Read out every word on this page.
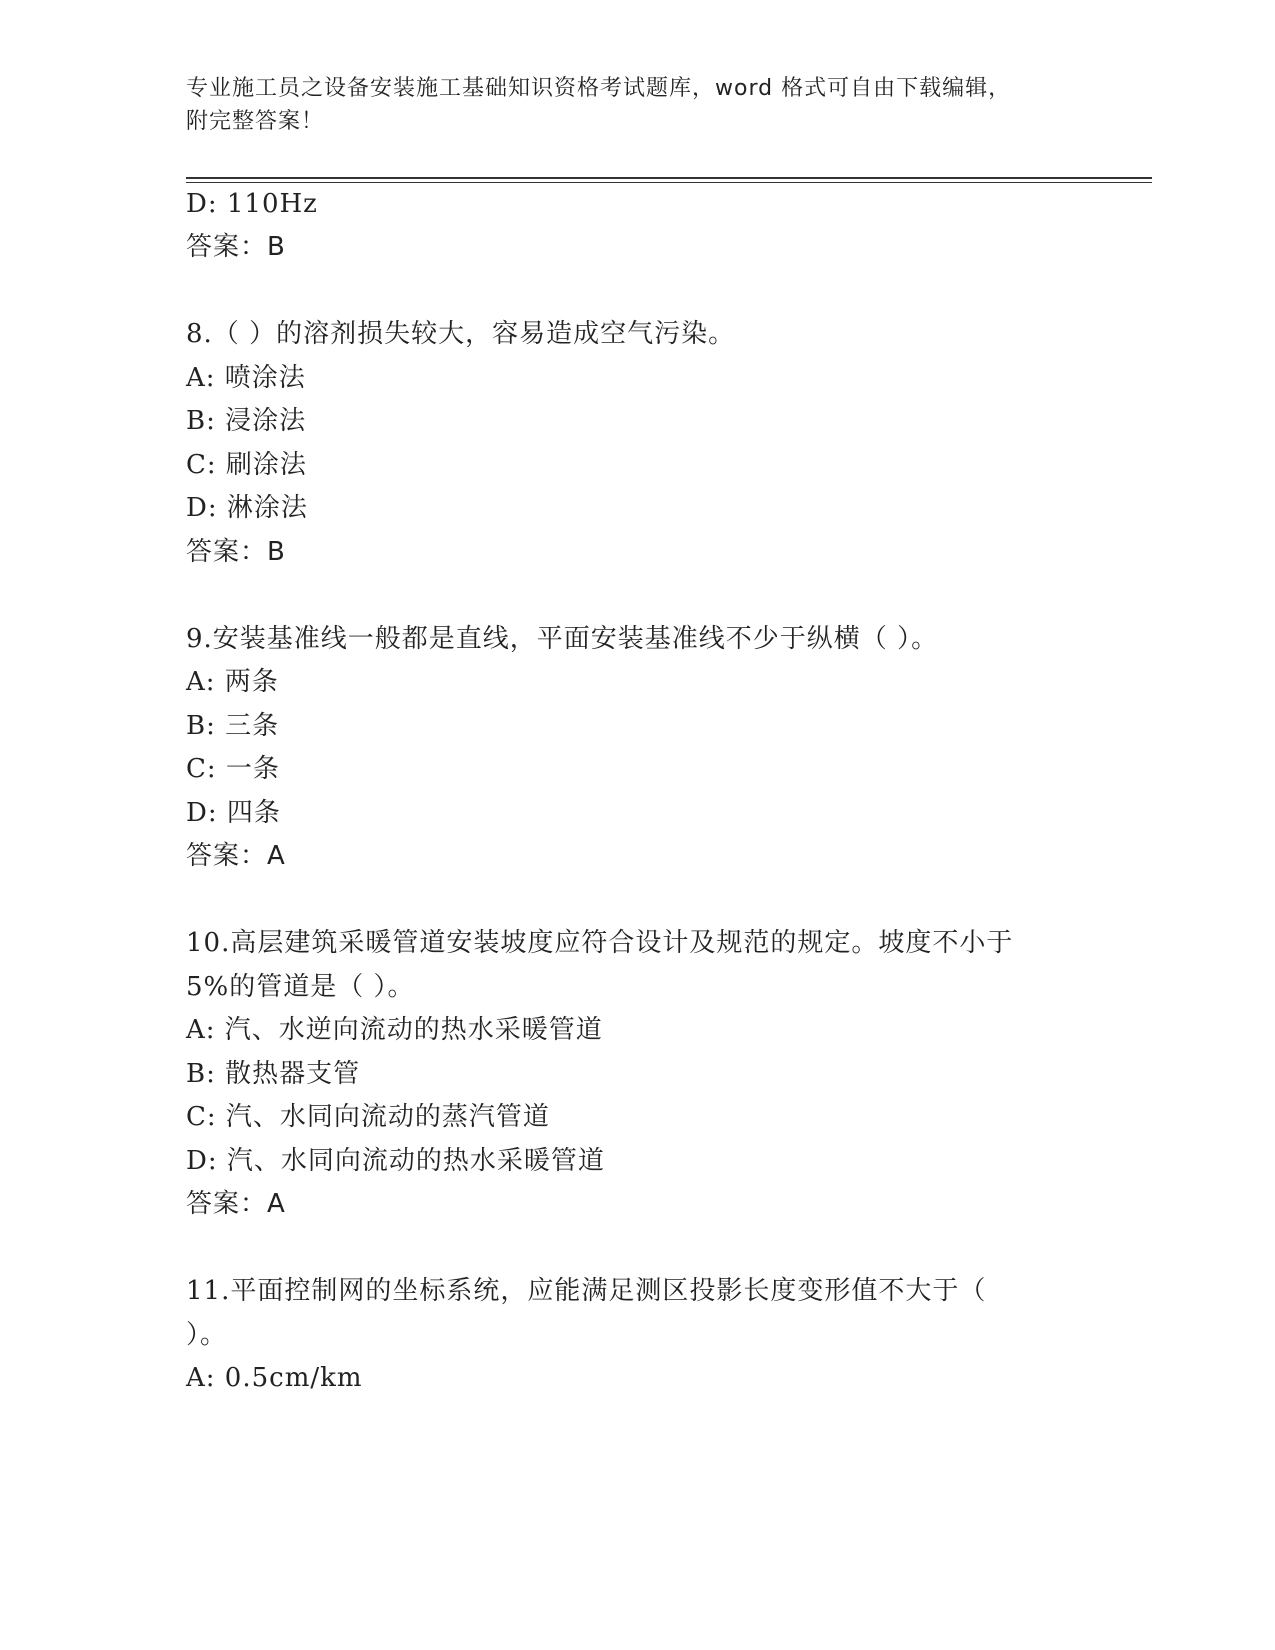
专业施工员之设备安装施工基础知识资格考试题库，word 格式可自由下载编辑，
附完整答案！
D: 110Hz
答案：B
8.（ ）的溶剂损失较大，容易造成空气污染。
A: 喷涂法
B: 浸涂法
C: 刷涂法
D: 淋涂法
答案：B
9.安装基准线一般都是直线，平面安装基准线不少于纵横（ ）。
A: 两条
B: 三条
C: 一条
D: 四条
答案：A
10.高层建筑采暖管道安装坡度应符合设计及规范的规定。坡度不小于
5%的管道是（ ）。
A: 汽、水逆向流动的热水采暖管道
B: 散热器支管
C: 汽、水同向流动的蒸汽管道
D: 汽、水同向流动的热水采暖管道
答案：A
11.平面控制网的坐标系统，应能满足测区投影长度变形值不大于（
）。
A: 0.5cm/km
